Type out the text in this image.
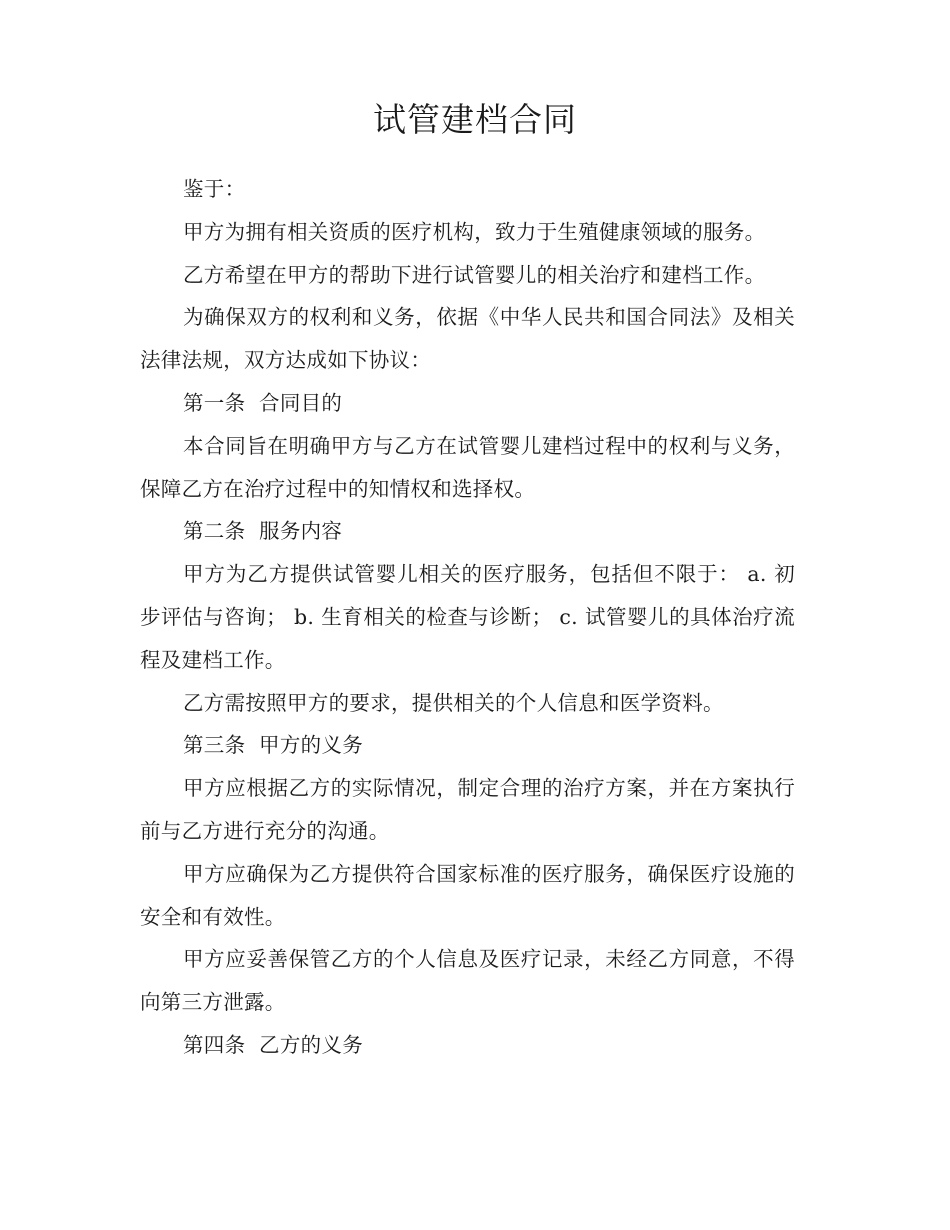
试管建档合同

鉴于：

甲方为拥有相关资质的医疗机构，致力于生殖健康领域的服务。

乙方希望在甲方的帮助下进行试管婴儿的相关治疗和建档工作。

为确保双方的权利和义务，依据《中华人民共和国合同法》及相关法律法规，双方达成如下协议：

第一条  合同目的

本合同旨在明确甲方与乙方在试管婴儿建档过程中的权利与义务，保障乙方在治疗过程中的知情权和选择权。

第二条  服务内容

甲方为乙方提供试管婴儿相关的医疗服务，包括但不限于： a. 初步评估与咨询； b. 生育相关的检查与诊断； c. 试管婴儿的具体治疗流程及建档工作。

乙方需按照甲方的要求，提供相关的个人信息和医学资料。

第三条  甲方的义务

甲方应根据乙方的实际情况，制定合理的治疗方案，并在方案执行前与乙方进行充分的沟通。

甲方应确保为乙方提供符合国家标准的医疗服务，确保医疗设施的安全和有效性。

甲方应妥善保管乙方的个人信息及医疗记录，未经乙方同意，不得向第三方泄露。

第四条  乙方的义务
